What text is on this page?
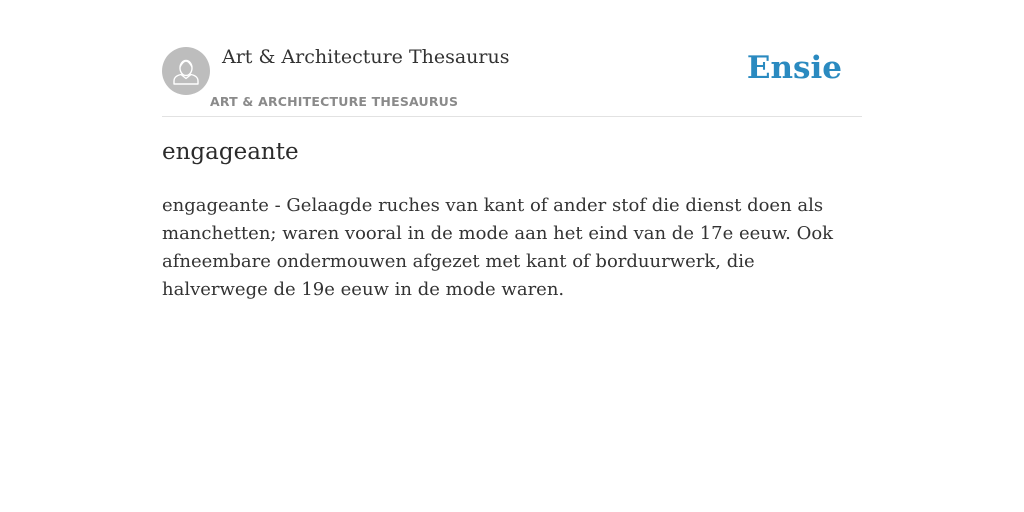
Art & Architecture Thesaurus
ART & ARCHITECTURE THESAURUS
Ensie
engageante

engageante - Gelaagde ruches van kant of ander stof die dienst doen als manchetten; waren vooral in de mode aan het eind van de 17e eeuw. Ook afneembare ondermouwen afgezet met kant of borduurwerk, die halverwege de 19e eeuw in de mode waren.
